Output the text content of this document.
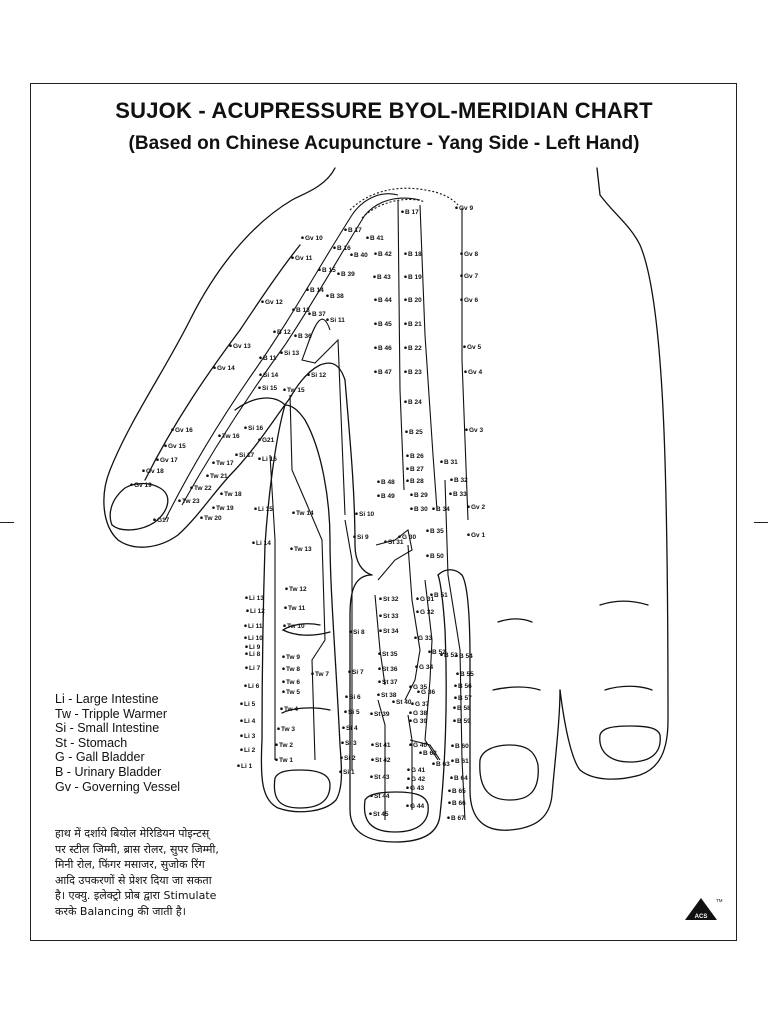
SUJOK - ACUPRESSURE BYOL-MERIDIAN CHART
(Based on Chinese Acupuncture - Yang Side - Left Hand)
Gv 10
Gv 11
Gv 12
Gv 13
Gv 14
Gv 16
Gv 15
Gv 17
Gv 18
Gv 19
G17
B 41
B 40
B 39
B 38
B 37
B 36
B 11
B 12
B 13
B 14
B 15
B 16
B 17
Si 11
Si 12
Si 13
Si 14
Si 15
Si 16
Si 17
Tw 15
G21
Li 16
Li 15
Li 14
Tw 16
Tw 17
Tw 18
Tw 19
Tw 20
Tw 21
Tw 22
Tw 23
B 17
B 42
B 43
B 44
B 45
B 46
B 47
B 48
B 49
B 18
B 19
B 20
B 21
B 22
B 23
B 24
B 25
B 26
B 27
B 28
B 29
B 30
B 31
B 32
B 33
B 34
B 35
B 50
Gv 9
Gv 8
Gv 7
Gv 6
Gv 5
Gv 4
Gv 3
Gv 2
Gv 1
Tw 14
Tw 13
Tw 12
Tw 11
Tw 10
Tw 9
Tw 8
Tw 7
Tw 6
Tw 5
Tw 4
Tw 3
Tw 2
Tw 1
Li 13
Li 12
Li 11
Li 10
Li 9
Li 8
Li 7
Li 6
Li 5
Li 4
Li 3
Li 2
Li 1
Si 10
Si 9
Si 8
Si 7
Si 6
Si 5
Si 4
Si 3
Si 2
Si 1
St 31
St 32
St 33
St 34
St 35
St 36
St 37
St 38
St 39
St 40
St 41
St 42
St 43
St 44
St 45
G 30
G 31
G 32
G 33
G 34
G 35
G 36
G 37
G 38
G 39
G 40
G 41
G 42
G 43
G 44
B 51
B 52
B 53 B 54
B 55
B 56
B 57
B 58
B 59
B 60
B 61
B 62
B 63
B 64
B 65
B 66
B 67
Li - Large Intestine
Tw - Tripple Warmer
Si - Small Intestine
St - Stomach
G - Gall Bladder
B - Urinary Bladder
Gv - Governing Vessel
हाथ में दर्शाये बियोल मेरिडियन पोइन्टस्
पर स्टील जिम्मी, ब्रास रोलर, सुपर जिम्मी,
मिनी रोल, फिंगर मसाजर, सुजोक रिंग
आदि उपकरणों से प्रेशर दिया जा सकता
है। एक्यु. इलेक्ट्रो प्रोब द्वारा Stimulate
करके Balancing की जाती है।	ACS
TM
